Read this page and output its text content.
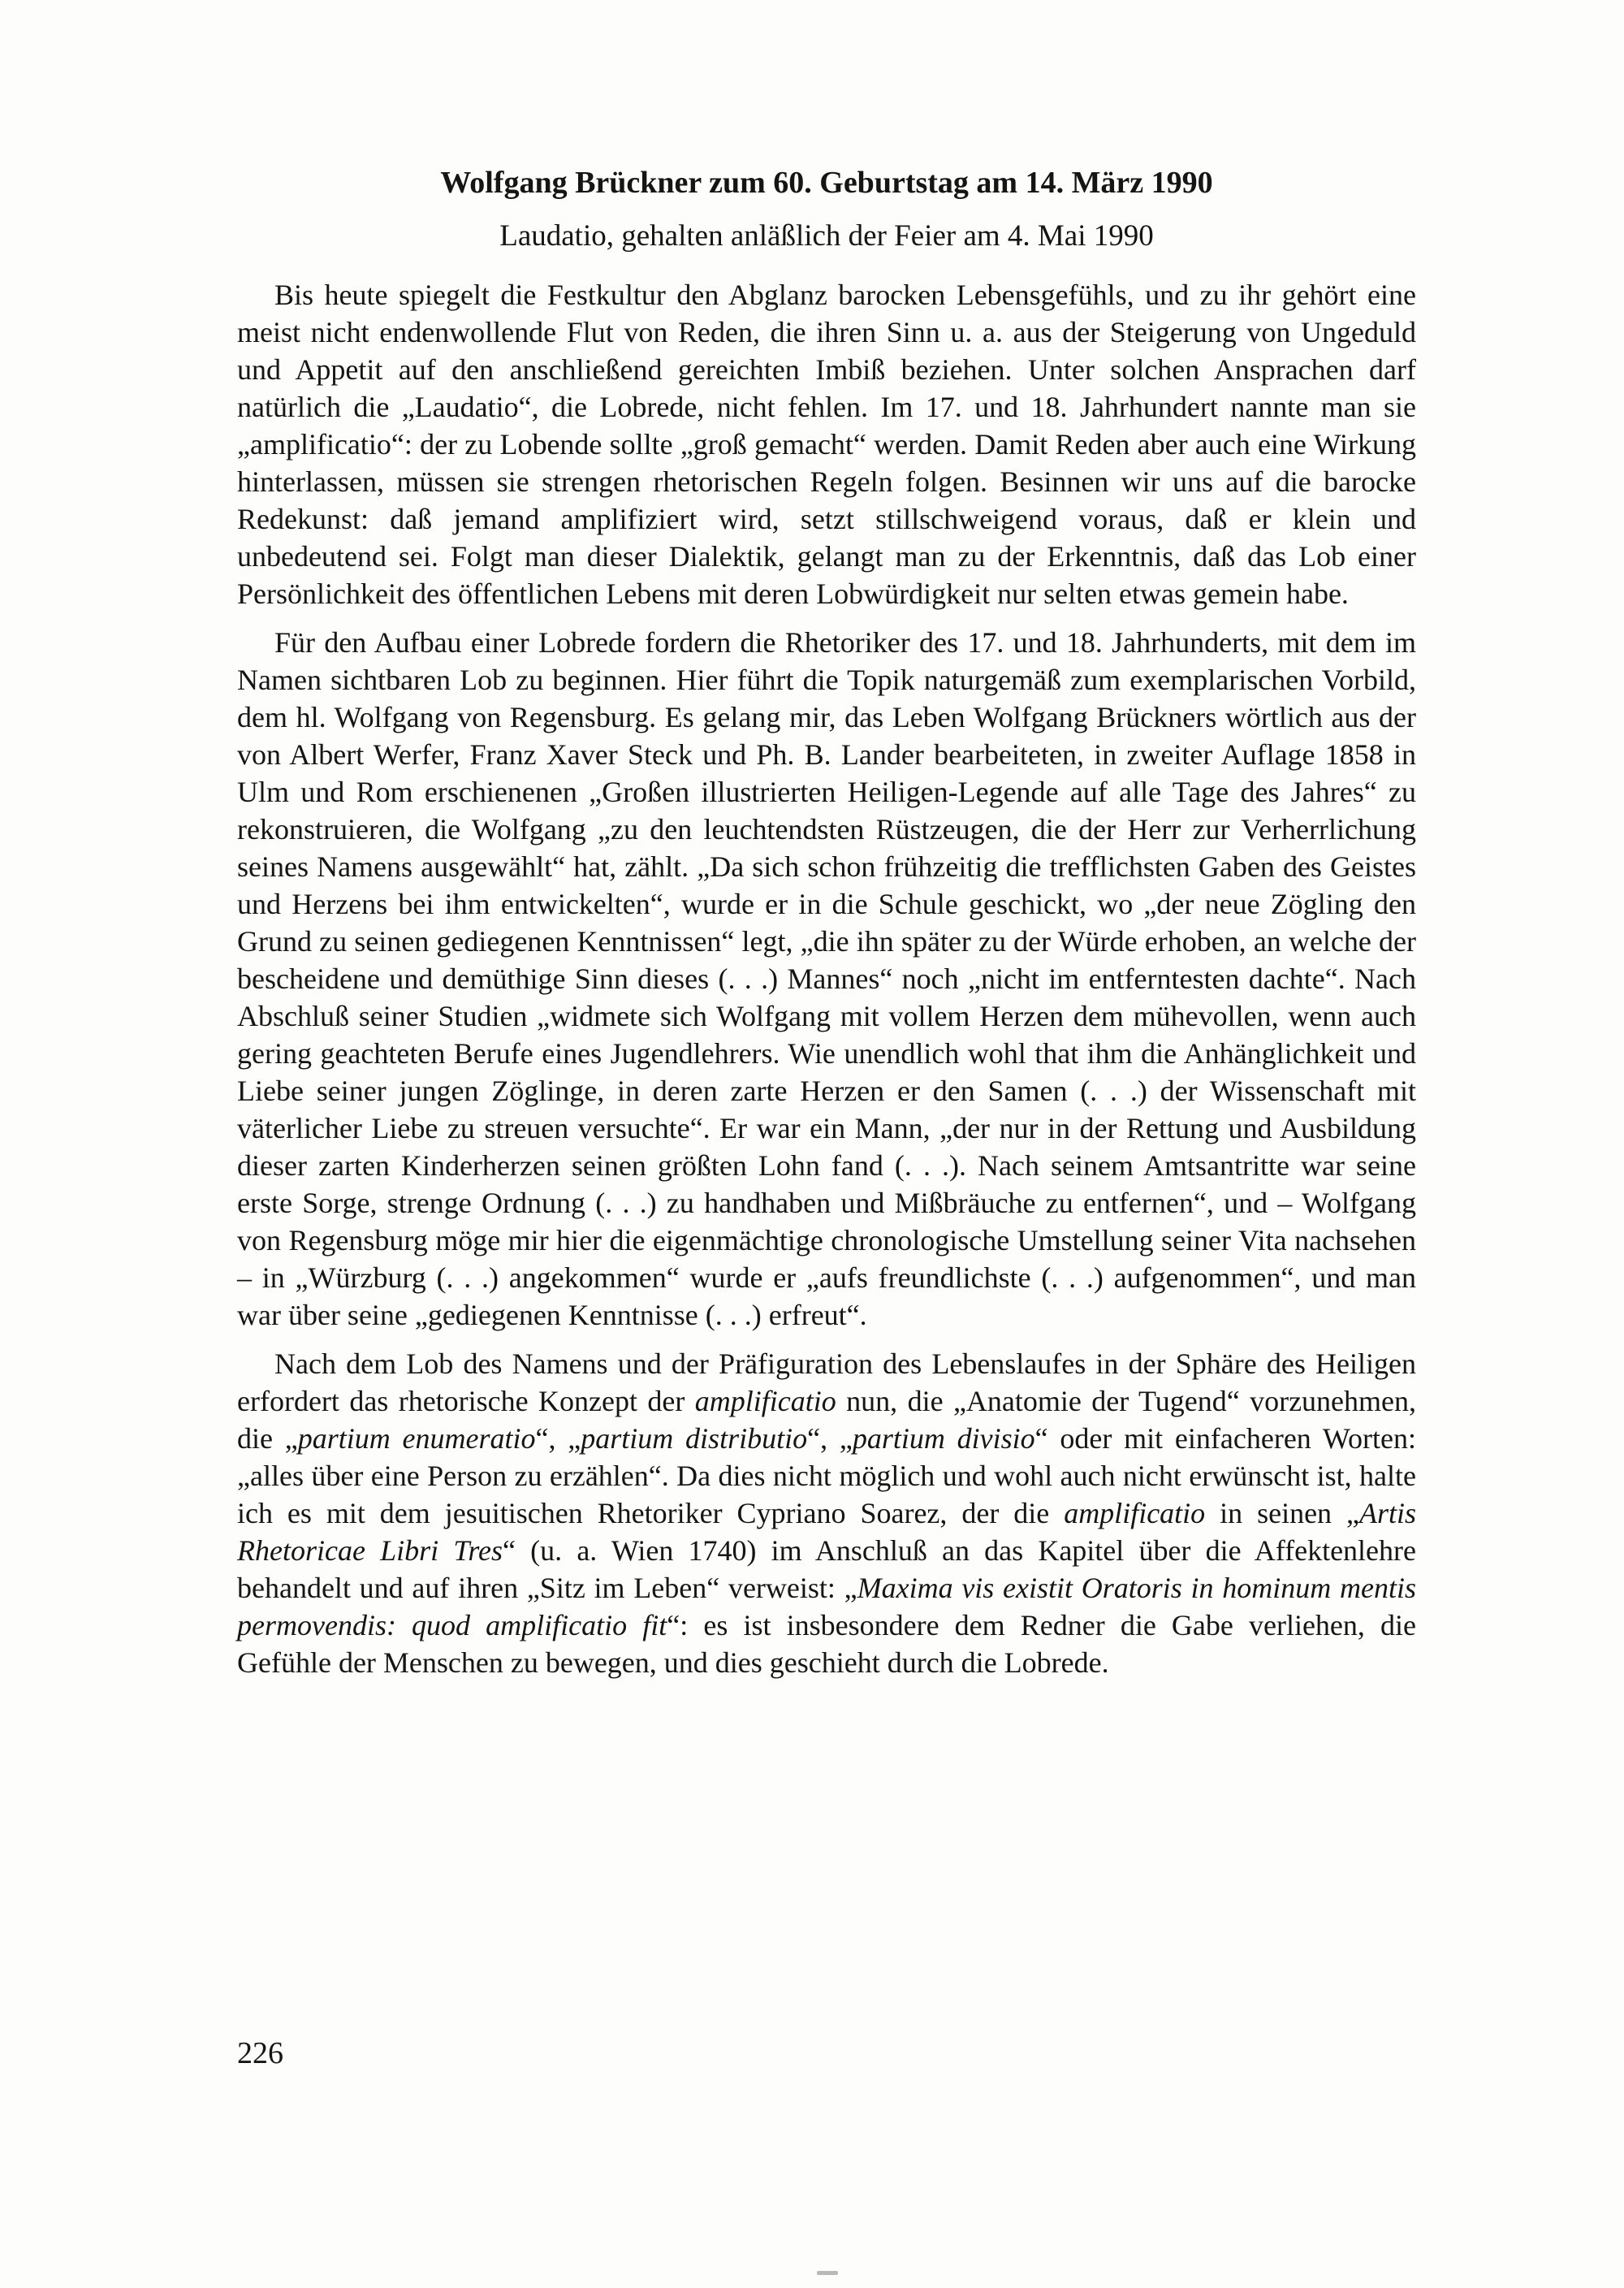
Wolfgang Brückner zum 60. Geburtstag am 14. März 1990
Laudatio, gehalten anläßlich der Feier am 4. Mai 1990

Bis heute spiegelt die Festkultur den Abglanz barocken Lebensgefühls, und zu ihr gehört eine meist nicht endenwollende Flut von Reden, die ihren Sinn u. a. aus der Steigerung von Ungeduld und Appetit auf den anschließend gereichten Imbiß beziehen. Unter solchen Ansprachen darf natürlich die „Laudatio“, die Lobrede, nicht fehlen. Im 17. und 18. Jahrhundert nannte man sie „amplificatio“: der zu Lobende sollte „groß gemacht“ werden. Damit Reden aber auch eine Wirkung hinterlassen, müssen sie strengen rhetorischen Regeln folgen. Besinnen wir uns auf die barocke Redekunst: daß jemand amplifiziert wird, setzt stillschweigend voraus, daß er klein und unbedeutend sei. Folgt man dieser Dialektik, gelangt man zu der Erkenntnis, daß das Lob einer Persönlichkeit des öffentlichen Lebens mit deren Lobwürdigkeit nur selten etwas gemein habe.

Für den Aufbau einer Lobrede fordern die Rhetoriker des 17. und 18. Jahrhunderts, mit dem im Namen sichtbaren Lob zu beginnen. Hier führt die Topik naturgemäß zum exemplarischen Vorbild, dem hl. Wolfgang von Regensburg. Es gelang mir, das Leben Wolfgang Brückners wörtlich aus der von Albert Werfer, Franz Xaver Steck und Ph. B. Lander bearbeiteten, in zweiter Auflage 1858 in Ulm und Rom erschienenen „Großen illustrierten Heiligen-Legende auf alle Tage des Jahres“ zu rekonstruieren, die Wolfgang „zu den leuchtendsten Rüstzeugen, die der Herr zur Verherrlichung seines Namens ausgewählt“ hat, zählt. „Da sich schon frühzeitig die trefflichsten Gaben des Geistes und Herzens bei ihm entwickelten“, wurde er in die Schule geschickt, wo „der neue Zögling den Grund zu seinen gediegenen Kenntnissen“ legt, „die ihn später zu der Würde erhoben, an welche der bescheidene und demüthige Sinn dieses (. . .) Mannes“ noch „nicht im entferntesten dachte“. Nach Abschluß seiner Studien „widmete sich Wolfgang mit vollem Herzen dem mühevollen, wenn auch gering geachteten Berufe eines Jugendlehrers. Wie unendlich wohl that ihm die Anhänglichkeit und Liebe seiner jungen Zöglinge, in deren zarte Herzen er den Samen (. . .) der Wissenschaft mit väterlicher Liebe zu streuen versuchte“. Er war ein Mann, „der nur in der Rettung und Ausbildung dieser zarten Kinderherzen seinen größten Lohn fand (. . .). Nach seinem Amtsantritte war seine erste Sorge, strenge Ordnung (. . .) zu handhaben und Mißbräuche zu entfernen“, und – Wolfgang von Regensburg möge mir hier die eigenmächtige chronologische Umstellung seiner Vita nachsehen – in „Würzburg (. . .) angekommen“ wurde er „aufs freundlichste (. . .) aufgenommen“, und man war über seine „gediegenen Kenntnisse (. . .) erfreut“.

Nach dem Lob des Namens und der Präfiguration des Lebenslaufes in der Sphäre des Heiligen erfordert das rhetorische Konzept der amplificatio nun, die „Anatomie der Tugend“ vorzunehmen, die „partium enumeratio“, „partium distributio“, „partium divisio“ oder mit einfacheren Worten: „alles über eine Person zu erzählen“. Da dies nicht möglich und wohl auch nicht erwünscht ist, halte ich es mit dem jesuitischen Rhetoriker Cypriano Soarez, der die amplificatio in seinen „Artis Rhetoricae Libri Tres“ (u. a. Wien 1740) im Anschluß an das Kapitel über die Affektenlehre behandelt und auf ihren „Sitz im Leben“ verweist: „Maxima vis existit Oratoris in hominum mentis permovendis: quod amplificatio fit“: es ist insbesondere dem Redner die Gabe verliehen, die Gefühle der Menschen zu bewegen, und dies geschieht durch die Lobrede.

226
